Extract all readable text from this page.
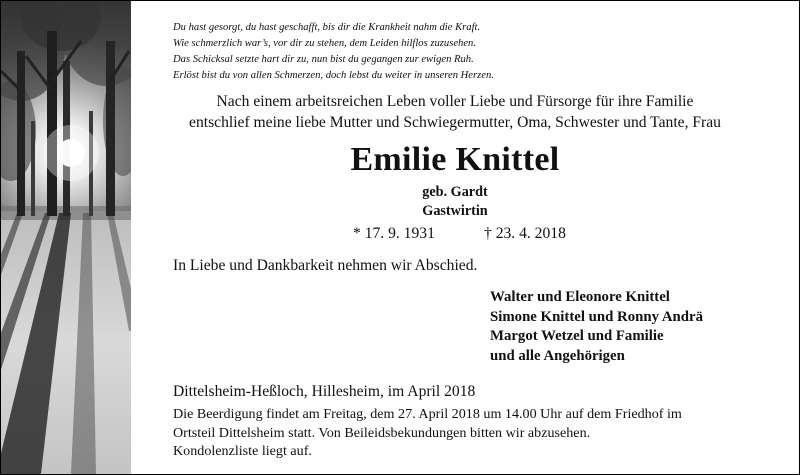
Du hast gesorgt, du hast geschafft, bis dir die Krankheit nahm die Kraft.
Wie schmerzlich war’s, vor dir zu stehen, dem Leiden hilflos zuzusehen.
Das Schicksal setzte hart dir zu, nun bist du gegangen zur ewigen Ruh.
Erlöst bist du von allen Schmerzen, doch lebst du weiter in unseren Herzen.
Nach einem arbeitsreichen Leben voller Liebe und Fürsorge für ihre Familie
entschlief meine liebe Mutter und Schwiegermutter, Oma, Schwester und Tante, Frau
Emilie Knittel
geb. Gardt
Gastwirtin
* 17. 9. 1931	† 23. 4. 2018
In Liebe und Dankbarkeit nehmen wir Abschied.
Walter und Eleonore Knittel
Simone Knittel und Ronny Andrä
Margot Wetzel und Familie
und alle Angehörigen
Dittelsheim-Heßloch, Hillesheim, im April 2018
Die Beerdigung findet am Freitag, dem 27. April 2018 um 14.00 Uhr auf dem Friedhof im
Ortsteil Dittelsheim statt. Von Beileidsbekundungen bitten wir abzusehen.
Kondolenzliste liegt auf.
